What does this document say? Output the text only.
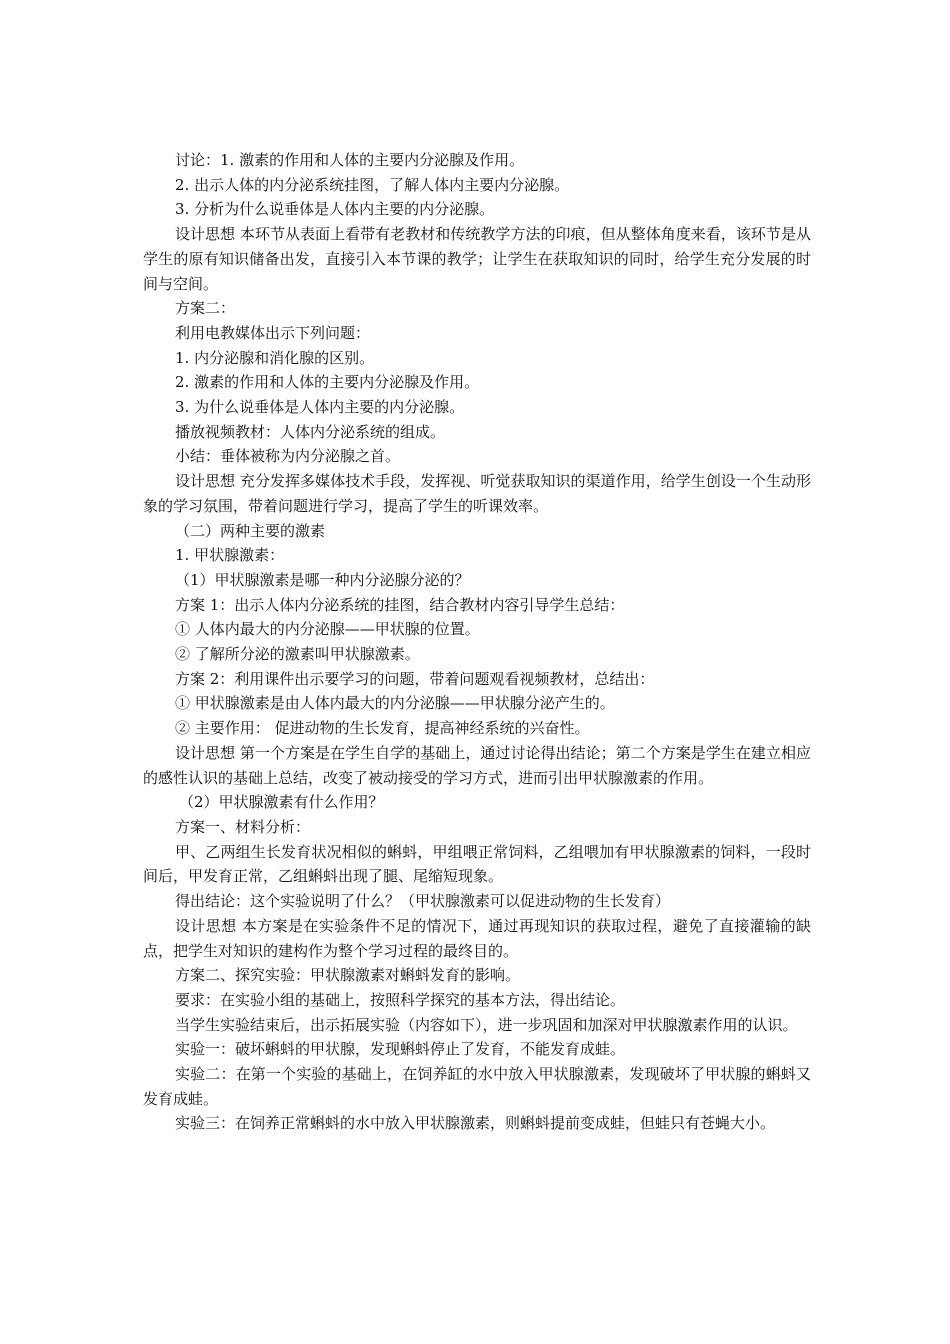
讨论：1. 激素的作用和人体的主要内分泌腺及作用。

2. 出示人体的内分泌系统挂图，了解人体内主要内分泌腺。

3. 分析为什么说垂体是人体内主要的内分泌腺。

设计思想 本环节从表面上看带有老教材和传统教学方法的印痕，但从整体角度来看，该环节是从学生的原有知识储备出发，直接引入本节课的教学；让学生在获取知识的同时，给学生充分发展的时间与空间。

方案二：

利用电教媒体出示下列问题：

1. 内分泌腺和消化腺的区别。

2. 激素的作用和人体的主要内分泌腺及作用。

3. 为什么说垂体是人体内主要的内分泌腺。

播放视频教材：人体内分泌系统的组成。

小结：垂体被称为内分泌腺之首。

设计思想 充分发挥多媒体技术手段，发挥视、听觉获取知识的渠道作用，给学生创设一个生动形象的学习氛围，带着问题进行学习，提高了学生的听课效率。

（二）两种主要的激素

1. 甲状腺激素：

（1）甲状腺激素是哪一种内分泌腺分泌的？

方案 1：出示人体内分泌系统的挂图，结合教材内容引导学生总结：

① 人体内最大的内分泌腺——甲状腺的位置。

② 了解所分泌的激素叫甲状腺激素。

方案 2：利用课件出示要学习的问题，带着问题观看视频教材，总结出：

① 甲状腺激素是由人体内最大的内分泌腺——甲状腺分泌产生的。

② 主要作用： 促进动物的生长发育，提高神经系统的兴奋性。

设计思想 第一个方案是在学生自学的基础上，通过讨论得出结论；第二个方案是学生在建立相应的感性认识的基础上总结，改变了被动接受的学习方式，进而引出甲状腺激素的作用。

（2）甲状腺激素有什么作用？

方案一、材料分析：

甲、乙两组生长发育状况相似的蝌蚪，甲组喂正常饲料，乙组喂加有甲状腺激素的饲料，一段时间后，甲发育正常，乙组蝌蚪出现了腿、尾缩短现象。

得出结论：这个实验说明了什么？（甲状腺激素可以促进动物的生长发育）

设计思想 本方案是在实验条件不足的情况下，通过再现知识的获取过程，避免了直接灌输的缺点，把学生对知识的建构作为整个学习过程的最终目的。

方案二、探究实验：甲状腺激素对蝌蚪发育的影响。

要求：在实验小组的基础上，按照科学探究的基本方法，得出结论。

当学生实验结束后，出示拓展实验（内容如下），进一步巩固和加深对甲状腺激素作用的认识。

实验一：破坏蝌蚪的甲状腺，发现蝌蚪停止了发育，不能发育成蛙。

实验二：在第一个实验的基础上，在饲养缸的水中放入甲状腺激素，发现破坏了甲状腺的蝌蚪又发育成蛙。

实验三：在饲养正常蝌蚪的水中放入甲状腺激素，则蝌蚪提前变成蛙，但蛙只有苍蝇大小。
